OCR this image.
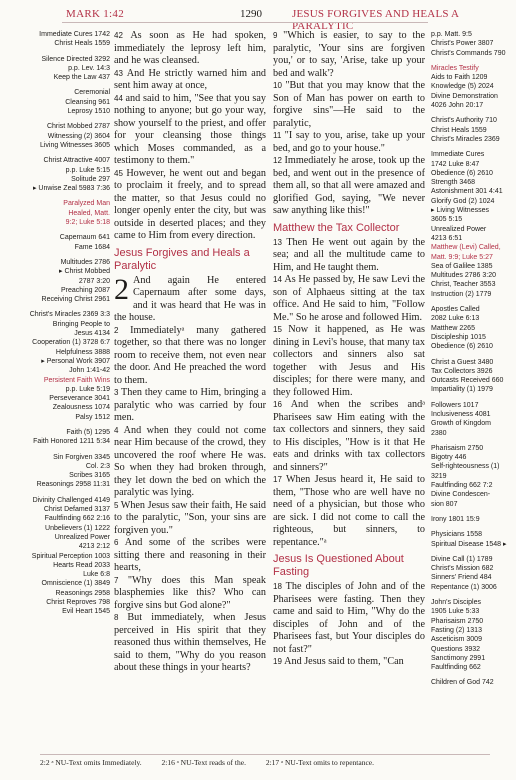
MARK 1:42	1290	JESUS FORGIVES AND HEALS A PARALYTIC
Immediate Cures 1742
Christ Heals 1559
Silence Directed 3292
p.p. Lev. 14:3
Keep the Law 437
Ceremonial
Cleansing 961
Leprosy 1510
Christ Mobbed 2787
Witnessing (2) 3604
Living Witnesses 3605
Christ Attractive 4007
p.p. Luke 5:15
Solitude 297
▸ Unwise Zeal 5983 7:36
Paralyzed Man
Healed, Matt.
9:2; Luke 5:18
Capernaum 641
Fame 1684
Multitudes 2786
▸ Christ Mobbed
2787 3:20
Preaching 2087
Receiving Christ 2961
Christ's Miracles 2369 3:3
Bringing People to
Jesus 4134
Cooperation (1) 3728 6:7
Helpfulness 3888
▸ Personal Work 3907
John 1:41-42
Persistent Faith Wins
p.p. Luke 5:19
Perseverance 3041
Zealousness 1074
Palsy 1512
Faith (5) 1295
Faith Honored 1211 5:34
Sin Forgiven 3345
Col. 2:3
Scribes 3165
Reasonings 2958 11:31
Divinity Challenged 4149
Christ Defamed 3137
Faultfinding 662 2:16
Unbelievers (1) 1222
Unrealized Power
4213 2:12
Spiritual Perception 1003
Hearts Read 2033
Luke 6:8
Omniscience (1) 3849
Reasonings 2958
Christ Reproves 798
Evil Heart 1545
p.p. Matt. 9:5
Christ's Power 3807
Christ's Commands 790
Miracles Testify
Aids to Faith 1209
Knowledge (5) 2024
Divine Demonstration
4026 John 20:17
Christ's Authority 710
Christ Heals 1559
Christ's Miracles 2369
Immediate Cures
1742 Luke 8:47
Obedience (6) 2610
Strength 3468
Astonishment 301 4:41
Glorify God (2) 1024
▸ Living Witnesses
3605 5:15
Unrealized Power
4213 6:51
Matthew (Levi) Called,
Matt. 9:9; Luke 5:27
Sea of Galilee 1385
Multitudes 2786 3:20
Christ, Teacher 3553
Instruction (2) 1779
Apostles Called
2082 Luke 6:13
Matthew 2265
Discipleship 1015
Obedience (6) 2610
Christ a Guest 3480
Tax Collectors 3926
Outcasts Received 660
Impartiality (1) 1979
Followers 1017
Inclusiveness 4081
Growth of Kingdom
2380
Pharisaism 2750
Bigotry 446
Self-righteousness (1)
3219
Faultfinding 662 7:2
Divine Condescen-
sion 807
Irony 1801 15:9
Physicians 1558
Spiritual Disease 1548 ▸
Divine Call (1) 1789
Christ's Mission 682
Sinners' Friend 484
Repentance (1) 3006
John's Disciples
1905 Luke 5:33
Pharisaism 2750
Fasting (2) 1313
Asceticism 3009
Questions 3932
Sanctimony 2991
Faultfinding 662
Children of God 742

42 As soon as He had spoken, immediately the leprosy left him, and he was cleansed.

43 And He strictly warned him and sent him away at once,

44 and said to him, "See that you say nothing to anyone; but go your way, show yourself to the priest, and offer for your cleansing those things which Moses commanded, as a testimony to them."

45 However, he went out and began to proclaim it freely, and to spread the matter, so that Jesus could no longer openly enter the city, but was outside in deserted places; and they came to Him from every direction.

Jesus Forgives and Heals a Paralytic
2 And again He entered Capernaum after some days, and it was heard that He was in the house.

2 Immediatelyᵃ many gathered together, so that there was no longer room to receive them, not even near the door. And He preached the word to them.

3 Then they came to Him, bringing a paralytic who was carried by four men.

4 And when they could not come near Him because of the crowd, they uncovered the roof where He was. So when they had broken through, they let down the bed on which the paralytic was lying.

5 When Jesus saw their faith, He said to the paralytic, "Son, your sins are forgiven you."

6 And some of the scribes were sitting there and reasoning in their hearts,

7 "Why does this Man speak blasphemies like this? Who can forgive sins but God alone?"

8 But immediately, when Jesus perceived in His spirit that they reasoned thus within themselves, He said to them, "Why do you reason about these things in your hearts?

9 "Which is easier, to say to the paralytic, 'Your sins are forgiven you,' or to say, 'Arise, take up your bed and walk'?

10 "But that you may know that the Son of Man has power on earth to forgive sins"—He said to the paralytic,

11 "I say to you, arise, take up your bed, and go to your house."

12 Immediately he arose, took up the bed, and went out in the presence of them all, so that all were amazed and glorified God, saying, "We never saw anything like this!"

Matthew the Tax Collector

13 Then He went out again by the sea; and all the multitude came to Him, and He taught them.

14 As He passed by, He saw Levi the son of Alphaeus sitting at the tax office. And He said to him, "Follow Me." So he arose and followed Him.

15 Now it happened, as He was dining in Levi's house, that many tax collectors and sinners also sat together with Jesus and His disciples; for there were many, and they followed Him.

16 And when the scribes andᵃ Pharisees saw Him eating with the tax collectors and sinners, they said to His disciples, "How is it that He eats and drinks with tax collectors and sinners?"

17 When Jesus heard it, He said to them, "Those who are well have no need of a physician, but those who are sick. I did not come to call the righteous, but sinners, to repentance."ᵃ

Jesus Is Questioned About Fasting

18 The disciples of John and of the Pharisees were fasting. Then they came and said to Him, "Why do the disciples of John and of the Pharisees fast, but Your disciples do not fast?"

19 And Jesus said to them, "Can

2:2 ᵃ NU-Text omits Immediately.	2:16 ᵃ NU-Text reads of the.	2:17 ᵃ NU-Text omits to repentance.
